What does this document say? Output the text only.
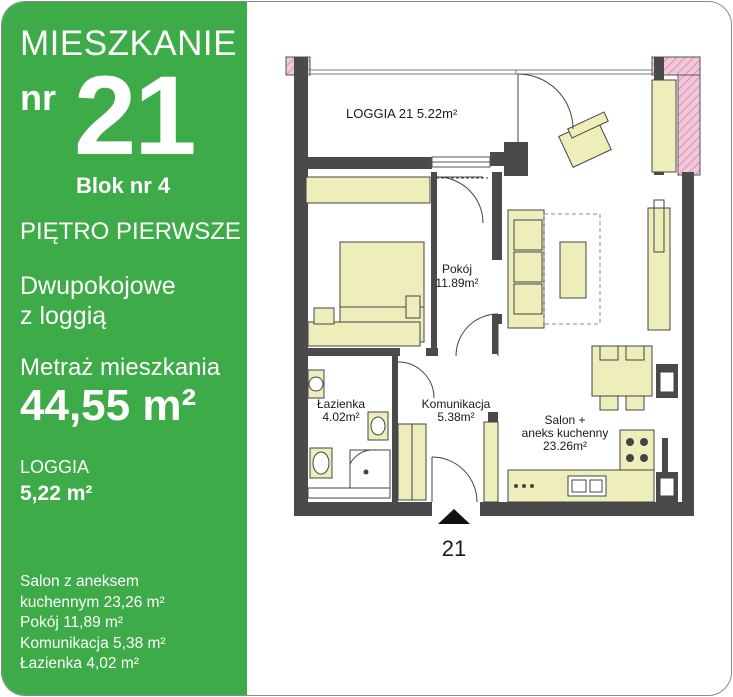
MIESZKANIE
nr 21
Blok nr 4
PIĘTRO PIERWSZE
Dwupokojowe
z loggią
Metraż mieszkania
44,55 m²
LOGGIA
5,22 m²
Salon z aneksem
kuchennym 23,26 m²
Pokój 11,89 m²
Komunikacja 5,38 m²
Łazienka 4,02 m²
LOGGIA 21 5.22m²
Pokój
11.89m²
Łazienka
4.02m²
Komunikacja
5.38m²	Salon +
aneks kuchenny
23.26m²
21
